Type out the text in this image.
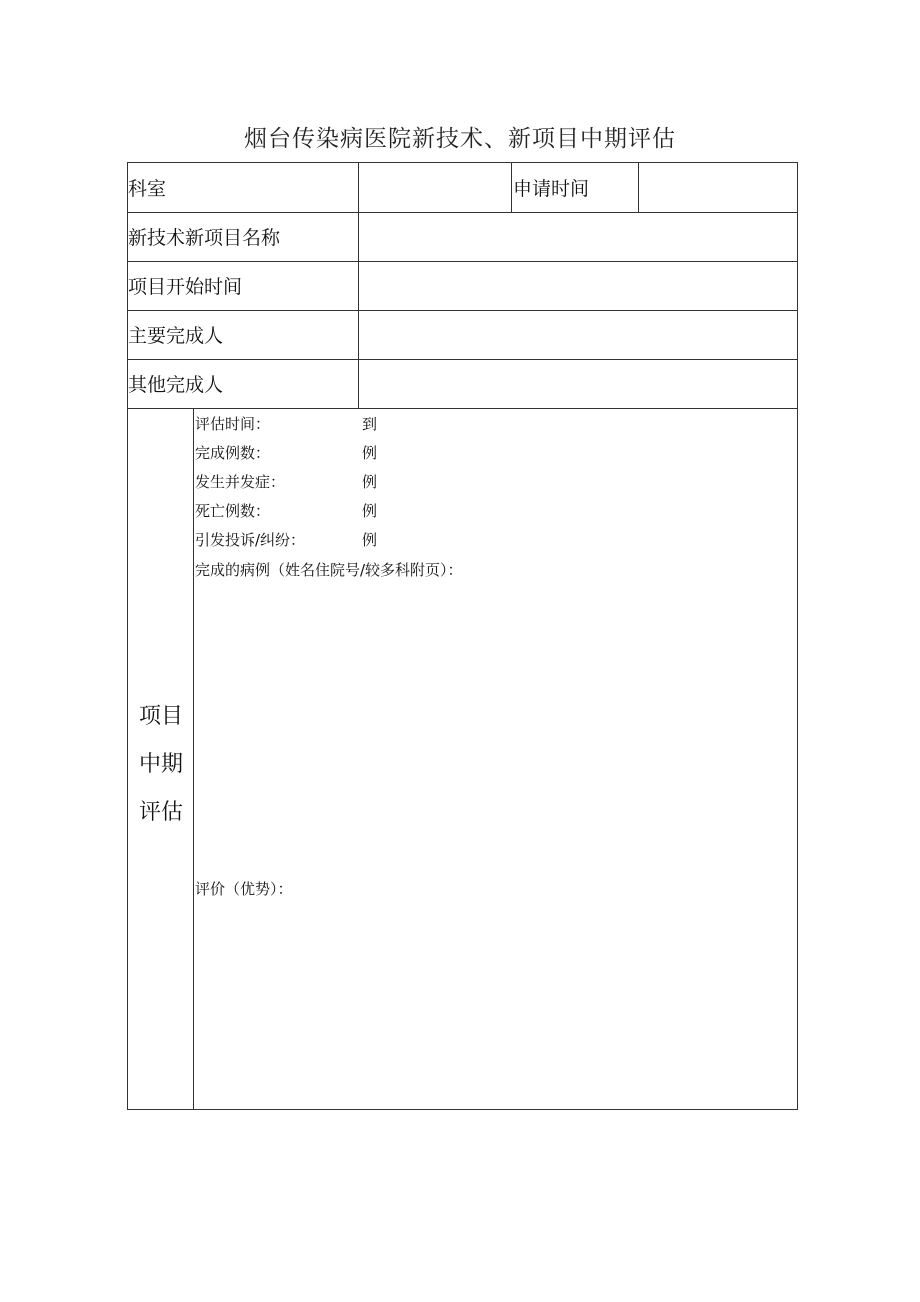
烟台传染病医院新技术、新项目中期评估
科室	申请时间
新技术新项目名称
项目开始时间
主要完成人
其他完成人
项目
中期
评估
评估时间：	到
完成例数：	例
发生并发症：	例
死亡例数：	例
引发投诉/纠纷：	例
完成的病例（姓名住院号/较多科附页）：
评价（优势）：
